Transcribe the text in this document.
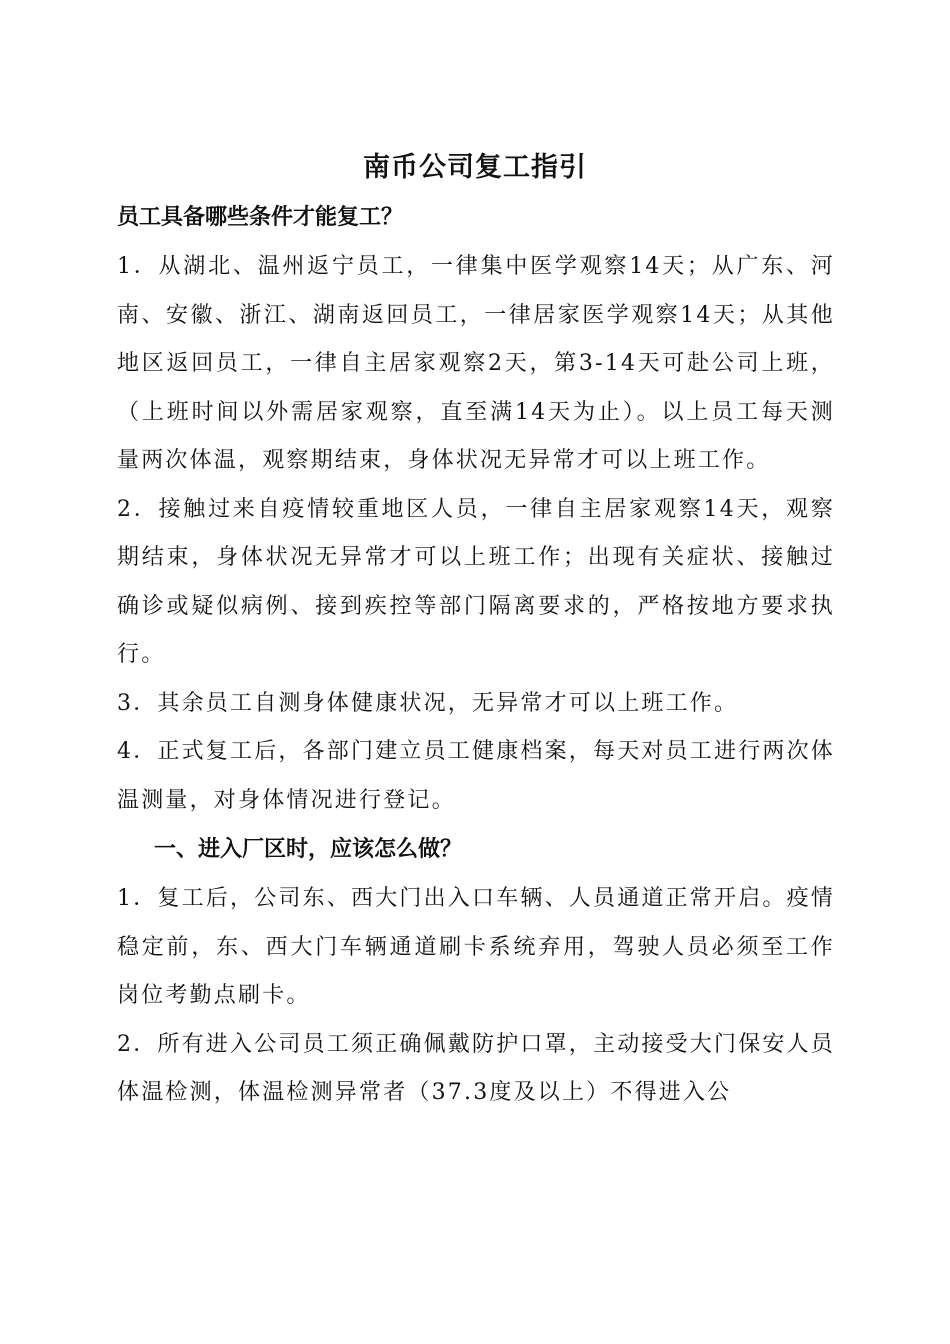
南币公司复工指引
员工具备哪些条件才能复工？

1．从湖北、温州返宁员工，一律集中医学观察14天；从广东、河南、安徽、浙江、湖南返回员工，一律居家医学观察14天；从其他地区返回员工，一律自主居家观察2天，第3-14天可赴公司上班，（上班时间以外需居家观察，直至满14天为止）。以上员工每天测量两次体温，观察期结束，身体状况无异常才可以上班工作。

2．接触过来自疫情较重地区人员，一律自主居家观察14天，观察期结束，身体状况无异常才可以上班工作；出现有关症状、接触过确诊或疑似病例、接到疾控等部门隔离要求的，严格按地方要求执行。

3．其余员工自测身体健康状况，无异常才可以上班工作。

4．正式复工后，各部门建立员工健康档案，每天对员工进行两次体温测量，对身体情况进行登记。

一、进入厂区时，应该怎么做？

1．复工后，公司东、西大门出入口车辆、人员通道正常开启。疫情稳定前，东、西大门车辆通道刷卡系统弃用，驾驶人员必须至工作岗位考勤点刷卡。

2．所有进入公司员工须正确佩戴防护口罩，主动接受大门保安人员体温检测，体温检测异常者（37.3度及以上）不得进入公
